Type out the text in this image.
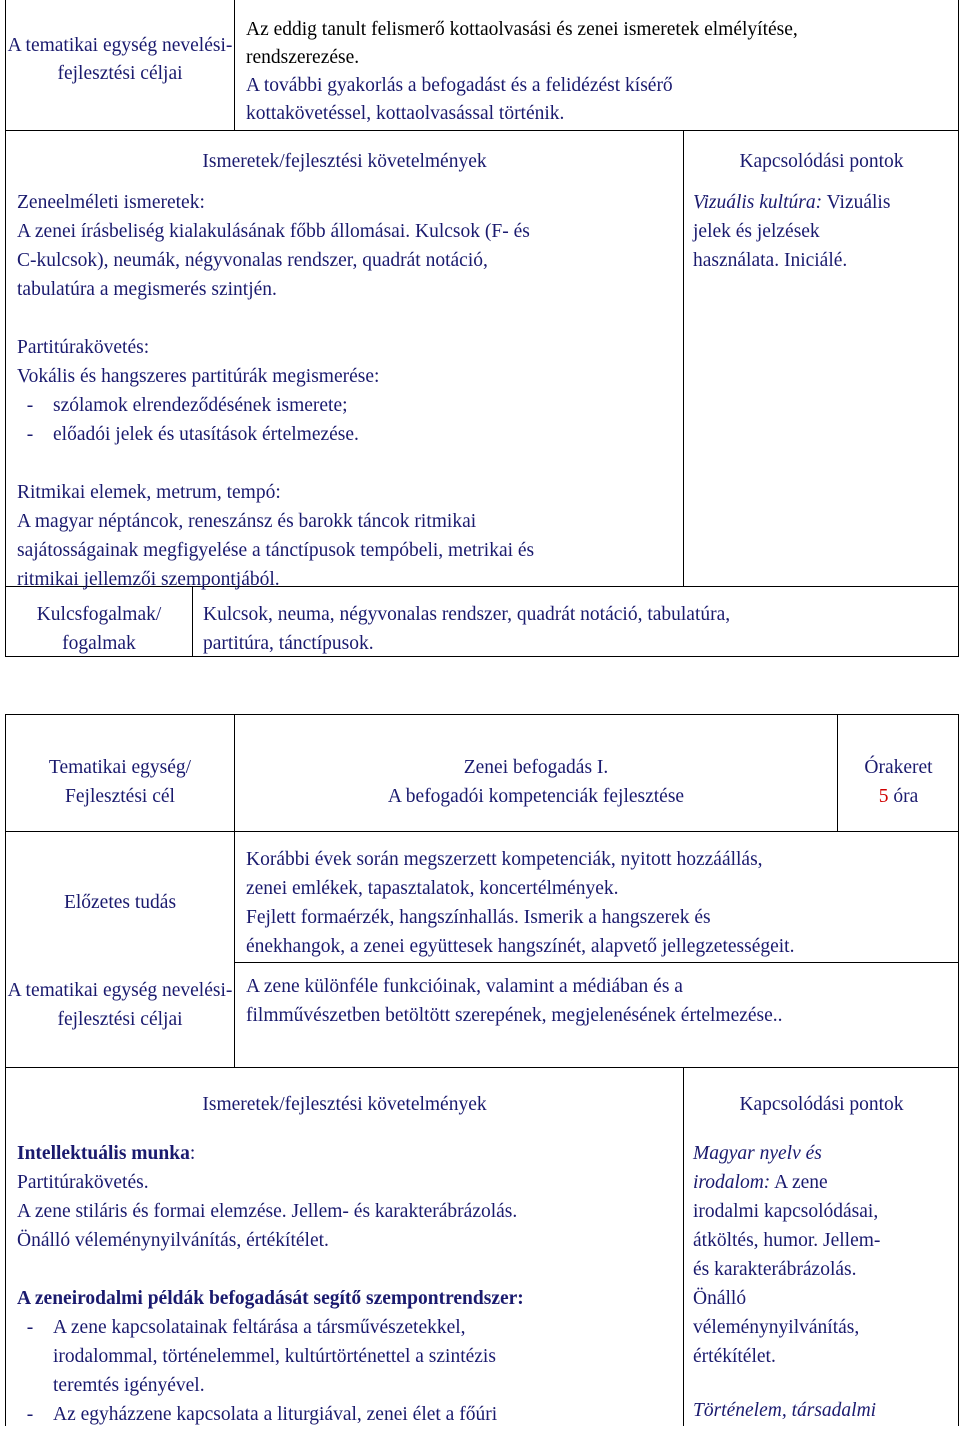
A tematikai egység nevelési-fejlesztési céljai
Az eddig tanult felismerő kottaolvasási és zenei ismeretek elmélyítése,
rendszerezése.
A további gyakorlás a befogadást és a felidézést kísérő
kottakövetéssel, kottaolvasással történik.
Ismeretek/fejlesztési követelmények	Kapcsolódási pontok
Zeneelméleti ismeretek:
A zenei írásbeliség kialakulásának főbb állomásai. Kulcsok (F- és
C-kulcsok), neumák, négyvonalas rendszer, quadrát notáció,
tabulatúra a megismerés szintjén.
Partitúrakövetés:
Vokális és hangszeres partitúrák megismerése:
- szólamok elrendeződésének ismerete;
- előadói jelek és utasítások értelmezése.
Ritmikai elemek, metrum, tempó:
A magyar néptáncok, reneszánsz és barokk táncok ritmikai
sajátosságainak megfigyelése a tánctípusok tempóbeli, metrikai és
ritmikai jellemzői szempontjából.
Vizuális kultúra: Vizuális
jelek és jelzések
használata. Iniciálé.
Kulcsfogalmak/
fogalmak
Kulcsok, neuma, négyvonalas rendszer, quadrát notáció, tabulatúra,
partitúra, tánctípusok.
Tematikai egység/
Fejlesztési cél
Zenei befogadás I.
A befogadói kompetenciák fejlesztése
Órakeret
5 óra
Előzetes tudás
Korábbi évek során megszerzett kompetenciák, nyitott hozzáállás,
zenei emlékek, tapasztalatok, koncertélmények.
Fejlett formaérzék, hangszínhallás. Ismerik a hangszerek és
énekhangok, a zenei együttesek hangszínét, alapvető jellegzetességeit.
A tematikai egység nevelési-fejlesztési céljai
A zene különféle funkcióinak, valamint a médiában és a
filmművészetben betöltött szerepének, megjelenésének értelmezése..
Ismeretek/fejlesztési követelmények	Kapcsolódási pontok
Intellektuális munka:
Partitúrakövetés.
A zene stiláris és formai elemzése. Jellem- és karakterábrázolás.
Önálló véleménynyilvánítás, értékítélet.
A zeneirodalmi példák befogadását segítő szempontrendszer:
- A zene kapcsolatainak feltárása a társművészetekkel,
irodalommal, történelemmel, kultúrtörténettel a szintézis
teremtés igényével.
- Az egyházzene kapcsolata a liturgiával, zenei élet a főúri
Magyar nyelv és
irodalom: A zene
irodalmi kapcsolódásai,
átköltés, humor. Jellem-
és karakterábrázolás.
Önálló
véleménynyilvánítás,
értékítélet.
Történelem, társadalmi
